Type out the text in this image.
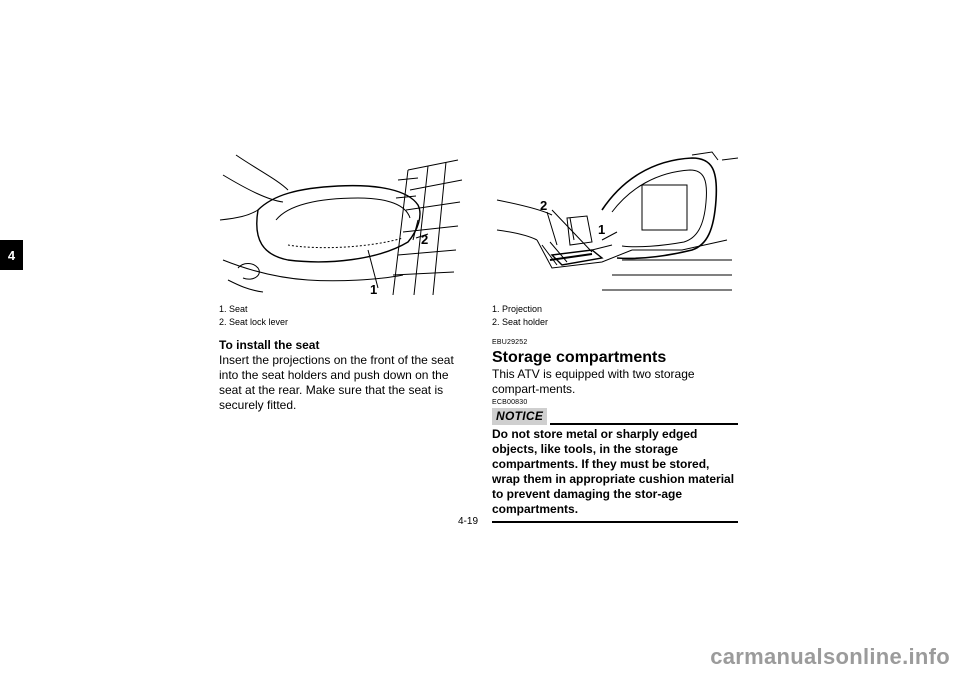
4
2
1
1. Seat
2. Seat lock lever
2
1
1. Projection
2. Seat holder
To install the seat
Insert the projections on the front of the seat into the seat holders and push down on the seat at the rear. Make sure that the seat is securely fitted.
EBU29252
Storage compartments
This ATV is equipped with two storage compart-ments.
ECB00830
NOTICE
Do not store metal or sharply edged objects, like tools, in the storage compartments. If they must be stored, wrap them in appropriate cushion material to prevent damaging the stor-age compartments.
4-19
carmanualsonline.info
